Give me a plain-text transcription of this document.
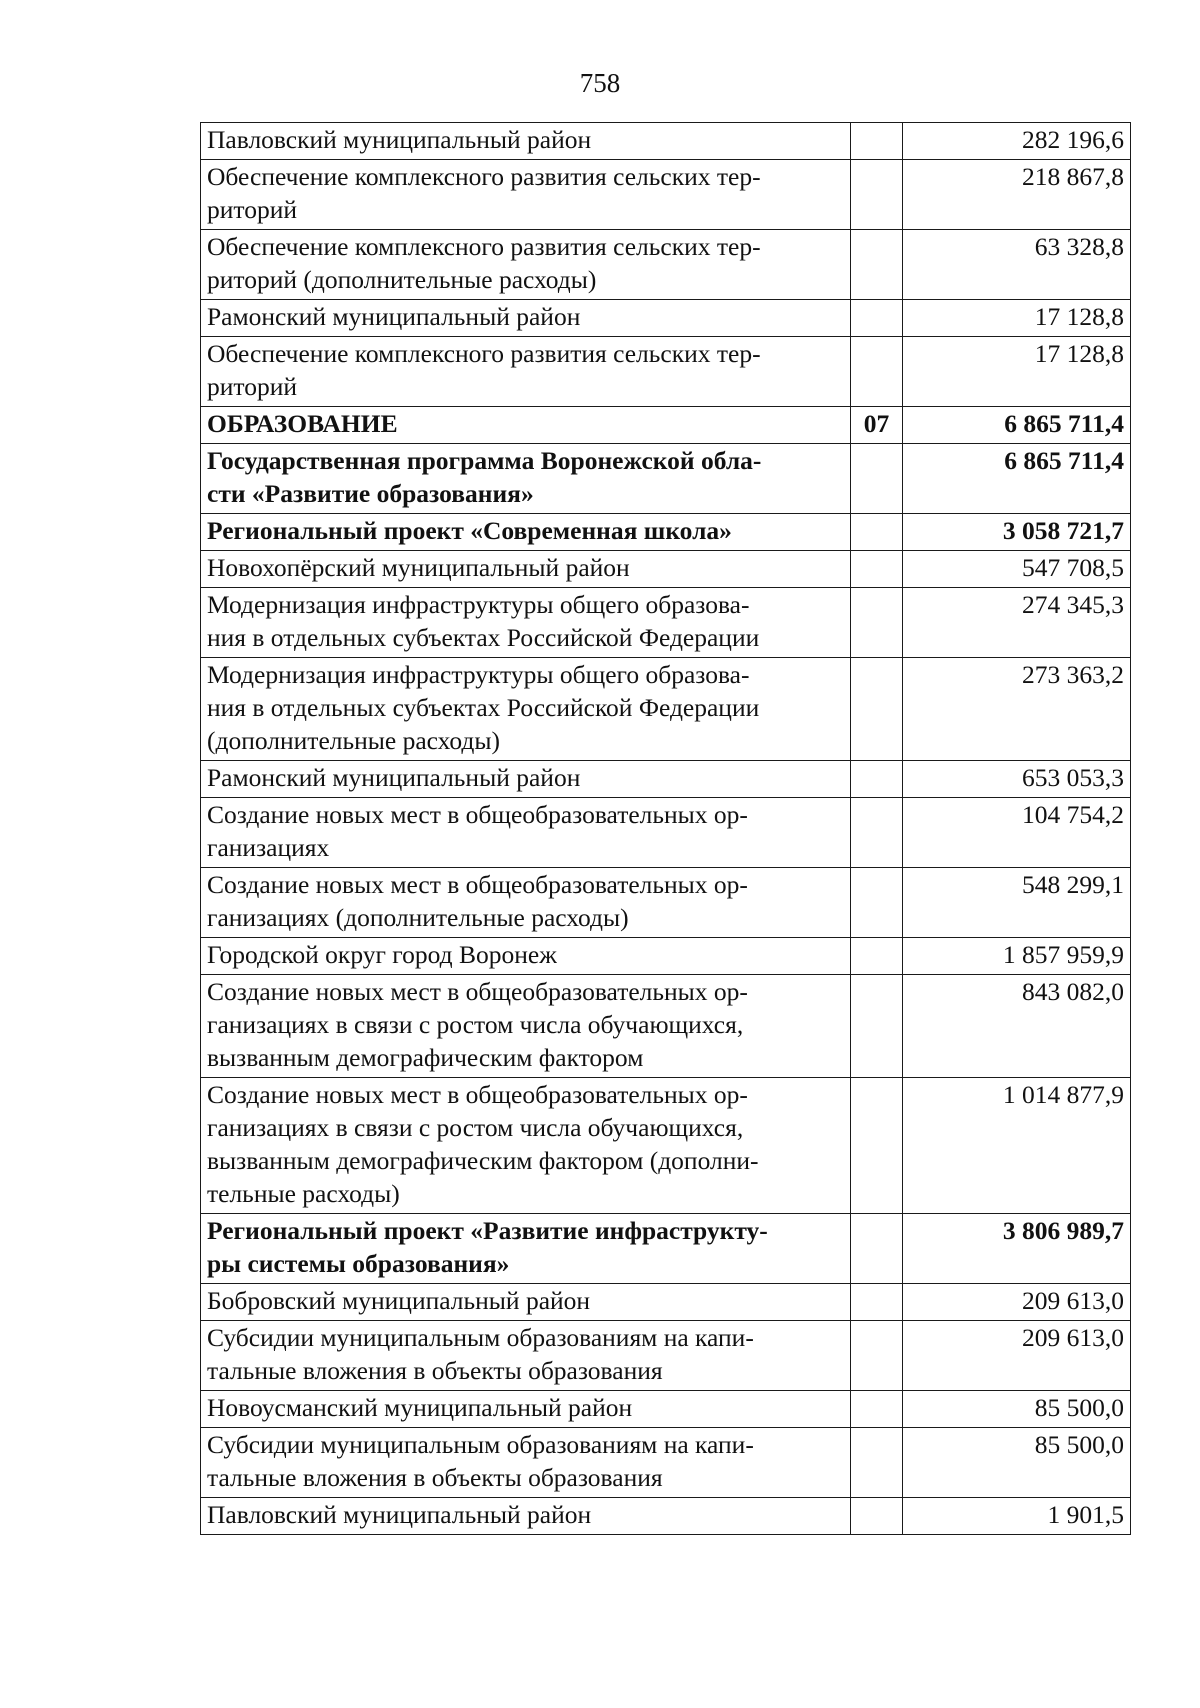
758
Павловский муниципальный район		282 196,6
Обеспечение комплексного развития сельских тер-
риторий		218 867,8
Обеспечение комплексного развития сельских тер-
риторий (дополнительные расходы)		63 328,8
Рамонский муниципальный район		17 128,8
Обеспечение комплексного развития сельских тер-
риторий		17 128,8
ОБРАЗОВАНИЕ	07	6 865 711,4
Государственная программа Воронежской обла-
сти «Развитие образования»		6 865 711,4
Региональный проект «Современная школа»		3 058 721,7
Новохопёрский муниципальный район		547 708,5
Модернизация инфраструктуры общего образова-
ния в отдельных субъектах Российской Федерации		274 345,3
Модернизация инфраструктуры общего образова-
ния в отдельных субъектах Российской Федерации
(дополнительные расходы)		273 363,2
Рамонский муниципальный район		653 053,3
Создание новых мест в общеобразовательных ор-
ганизациях		104 754,2
Создание новых мест в общеобразовательных ор-
ганизациях (дополнительные расходы)		548 299,1
Городской округ город Воронеж		1 857 959,9
Создание новых мест в общеобразовательных ор-
ганизациях в связи с ростом числа обучающихся,
вызванным демографическим фактором		843 082,0
Создание новых мест в общеобразовательных ор-
ганизациях в связи с ростом числа обучающихся,
вызванным демографическим фактором (дополни-
тельные расходы)		1 014 877,9
Региональный проект «Развитие инфраструкту-
ры системы образования»		3 806 989,7
Бобровский муниципальный район		209 613,0
Субсидии муниципальным образованиям на капи-
тальные вложения в объекты образования		209 613,0
Новоусманский муниципальный район		85 500,0
Субсидии муниципальным образованиям на капи-
тальные вложения в объекты образования		85 500,0
Павловский муниципальный район		1 901,5
